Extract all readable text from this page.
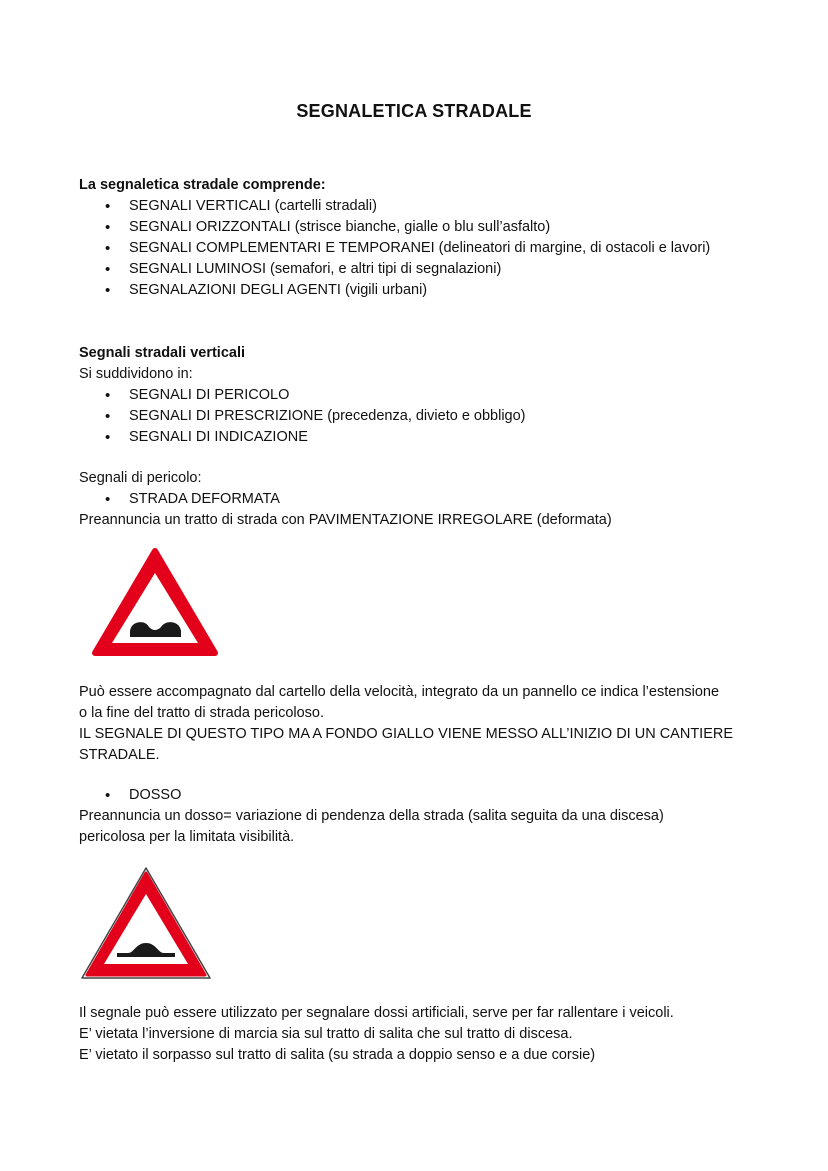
SEGNALETICA STRADALE

La segnaletica stradale comprende:

• SEGNALI VERTICALI (cartelli stradali)
• SEGNALI ORIZZONTALI (strisce bianche, gialle o blu sull’asfalto)
• SEGNALI COMPLEMENTARI E TEMPORANEI (delineatori di margine, di ostacoli e lavori)
• SEGNALI LUMINOSI (semafori, e altri tipi di segnalazioni)
• SEGNALAZIONI DEGLI AGENTI (vigili urbani)

Segnali stradali verticali

Si suddividono in:

• SEGNALI DI PERICOLO
• SEGNALI DI PRESCRIZIONE (precedenza, divieto e obbligo)
• SEGNALI DI INDICAZIONE

Segnali di pericolo:

• STRADA DEFORMATA

Preannuncia un tratto di strada con PAVIMENTAZIONE IRREGOLARE (deformata)

Può essere accompagnato dal cartello della velocità, integrato da un pannello ce indica l’estensione

o la fine del tratto di strada pericoloso.

IL SEGNALE DI QUESTO TIPO MA A FONDO GIALLO VIENE MESSO ALL’INIZIO DI UN CANTIERE

STRADALE.

• DOSSO

Preannuncia un dosso= variazione di pendenza della strada (salita seguita da una discesa)

pericolosa per la limitata visibilità.

Il segnale può essere utilizzato per segnalare dossi artificiali, serve per far rallentare i veicoli.

E’ vietata l’inversione di marcia sia sul tratto di salita che sul tratto di discesa.

E’ vietato il sorpasso sul tratto di salita (su strada a doppio senso e a due corsie)
